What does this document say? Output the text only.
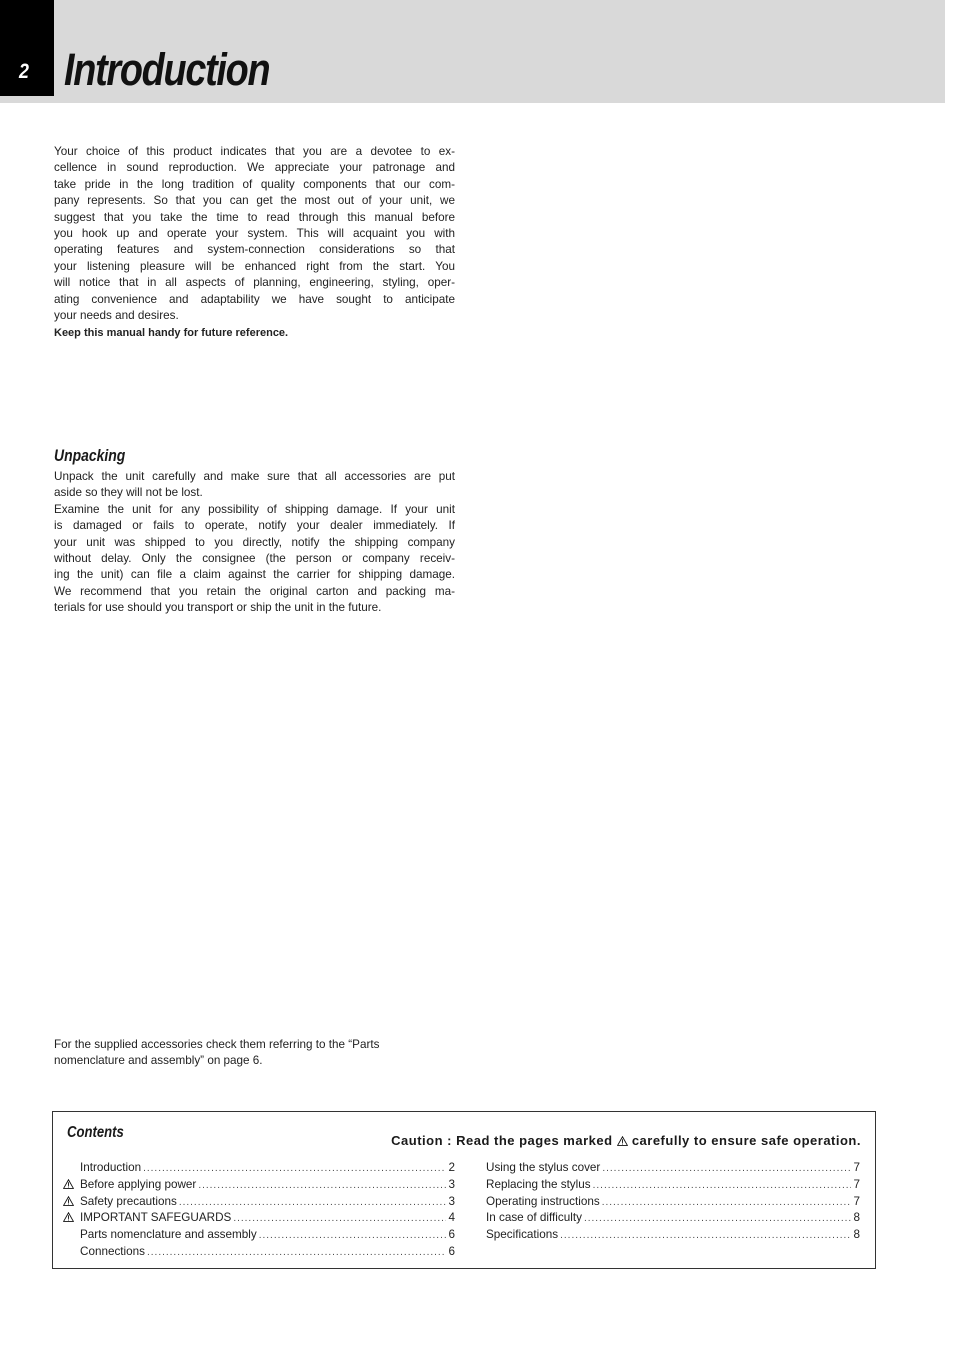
2 Introduction
Your choice of this product indicates that you are a devotee to ex-
cellence in sound reproduction. We appreciate your patronage and
take pride in the long tradition of quality components that our com-
pany represents. So that you can get the most out of your unit, we
suggest that you take the time to read through this manual before
you hook up and operate your system. This will acquaint you with
operating features and system-connection considerations so that
your listening pleasure will be enhanced right from the start. You
will notice that in all aspects of planning, engineering, styling, oper-
ating convenience and adaptability we have sought to anticipate
your needs and desires.
Keep this manual handy for future reference.
Unpacking
Unpack the unit carefully and make sure that all accessories are put
aside so they will not be lost.
Examine the unit for any possibility of shipping damage. If your unit
is damaged or fails to operate, notify your dealer immediately. If
your unit was shipped to you directly, notify the shipping company
without delay. Only the consignee (the person or company receiv-
ing the unit) can file a claim against the carrier for shipping damage.
We recommend that you retain the original carton and packing ma-
terials for use should you transport or ship the unit in the future.
For the supplied accessories check them referring to the “Parts
nomenclature and assembly” on page 6.
Contents	Caution : Read the pages marked carefully to ensure safe operation.
Introduction .....	2
Before applying power .....	3
Safety precautions .....	3
IMPORTANT SAFEGUARDS .....	4
Parts nomenclature and assembly .....	6
Connections .....	6
Using the stylus cover .....	7
Replacing the stylus .....	7
Operating instructions .....	7
In case of difficulty .....	8
Specifications .....	8
